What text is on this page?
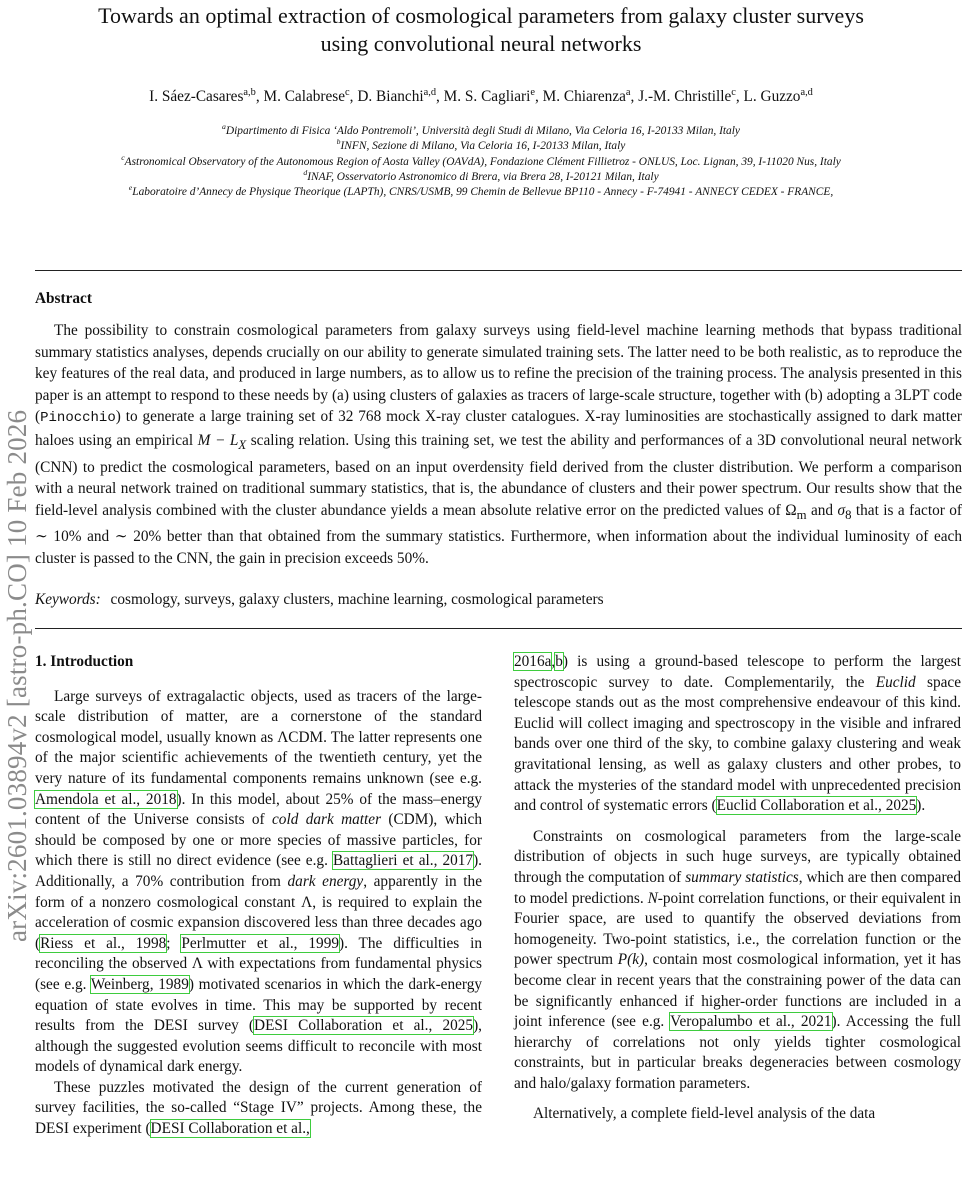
Towards an optimal extraction of cosmological parameters from galaxy cluster surveys
using convolutional neural networks
I. Sáez-Casares$^{a,b}$, M. Calabrese$^c$, D. Bianchi$^{a,d}$, M. S. Cagliari$^e$, M. Chiarenza$^a$, J.-M. Christille$^c$, L. Guzzo$^{a,d}$
$^a$Dipartimento di Fisica ‘Aldo Pontremoli’, Università degli Studi di Milano, Via Celoria 16, I-20133 Milan, Italy
$^b$INFN, Sezione di Milano, Via Celoria 16, I-20133 Milan, Italy
$^c$Astronomical Observatory of the Autonomous Region of Aosta Valley (OAVdA), Fondazione Clément Fillietroz - ONLUS, Loc. Lignan, 39, I-11020 Nus, Italy
$^d$INAF, Osservatorio Astronomico di Brera, via Brera 28, I-20121 Milan, Italy
$^e$Laboratoire d’Annecy de Physique Theorique (LAPTh), CNRS/USMB, 99 Chemin de Bellevue BP110 - Annecy - F-74941 - ANNECY CEDEX - FRANCE,
arXiv:2601.03894v2 [astro-ph.CO] 10 Feb 2026
Abstract

The possibility to constrain cosmological parameters from galaxy surveys using field-level machine learning methods that bypass traditional summary statistics analyses, depends crucially on our ability to generate simulated training sets. The latter need to be both realistic, as to reproduce the key features of the real data, and produced in large numbers, as to allow us to refine the precision of the training process. The analysis presented in this paper is an attempt to respond to these needs by (a) using clusters of galaxies as tracers of large-scale structure, together with (b) adopting a 3LPT code (Pinocchio) to generate a large training set of 32 768 mock X-ray cluster catalogues. X-ray luminosities are stochastically assigned to dark matter haloes using an empirical $M - L_X$ scaling relation. Using this training set, we test the ability and performances of a 3D convolutional neural network (CNN) to predict the cosmological parameters, based on an input overdensity field derived from the cluster distribution. We perform a comparison with a neural network trained on traditional summary statistics, that is, the abundance of clusters and their power spectrum. Our results show that the field-level analysis combined with the cluster abundance yields a mean absolute relative error on the predicted values of $\Omega_m$ and $\sigma_8$ that is a factor of ∼ 10% and ∼ 20% better than that obtained from the summary statistics. Furthermore, when information about the individual luminosity of each cluster is passed to the CNN, the gain in precision exceeds 50%.

Keywords: cosmology, surveys, galaxy clusters, machine learning, cosmological parameters

1. Introduction

Large surveys of extragalactic objects, used as tracers of the large-scale distribution of matter, are a cornerstone of the standard cosmological model, usually known as ΛCDM. The latter represents one of the major scientific achievements of the twentieth century, yet the very nature of its fundamental components remains unknown (see e.g. Amendola et al., 2018). In this model, about 25% of the mass–energy content of the Universe consists of cold dark matter (CDM), which should be composed by one or more species of massive particles, for which there is still no direct evidence (see e.g. Battaglieri et al., 2017). Additionally, a 70% contribution from dark energy, apparently in the form of a nonzero cosmological constant Λ, is required to explain the acceleration of cosmic expansion discovered less than three decades ago (Riess et al., 1998; Perlmutter et al., 1999). The difficulties in reconciling the observed Λ with expectations from fundamental physics (see e.g. Weinberg, 1989) motivated scenarios in which the dark-energy equation of state evolves in time. This may be supported by recent results from the DESI survey (DESI Collaboration et al., 2025), although the suggested evolution seems difficult to reconcile with most models of dynamical dark energy.

These puzzles motivated the design of the current generation of survey facilities, the so-called “Stage IV” projects. Among these, the DESI experiment (DESI Collaboration et al.,

2016a,b) is using a ground-based telescope to perform the largest spectroscopic survey to date. Complementarily, the Euclid space telescope stands out as the most comprehensive endeavour of this kind. Euclid will collect imaging and spectroscopy in the visible and infrared bands over one third of the sky, to combine galaxy clustering and weak gravitational lensing, as well as galaxy clusters and other probes, to attack the mysteries of the standard model with unprecedented precision and control of systematic errors (Euclid Collaboration et al., 2025).

Constraints on cosmological parameters from the large-scale distribution of objects in such huge surveys, are typically obtained through the computation of summary statistics, which are then compared to model predictions. N-point correlation functions, or their equivalent in Fourier space, are used to quantify the observed deviations from homogeneity. Two-point statistics, i.e., the correlation function or the power spectrum P(k), contain most cosmological information, yet it has become clear in recent years that the constraining power of the data can be significantly enhanced if higher-order functions are included in a joint inference (see e.g. Veropalumbo et al., 2021). Accessing the full hierarchy of correlations not only yields tighter cosmological constraints, but in particular breaks degeneracies between cosmology and halo/galaxy formation parameters.

Alternatively, a complete field-level analysis of the data
